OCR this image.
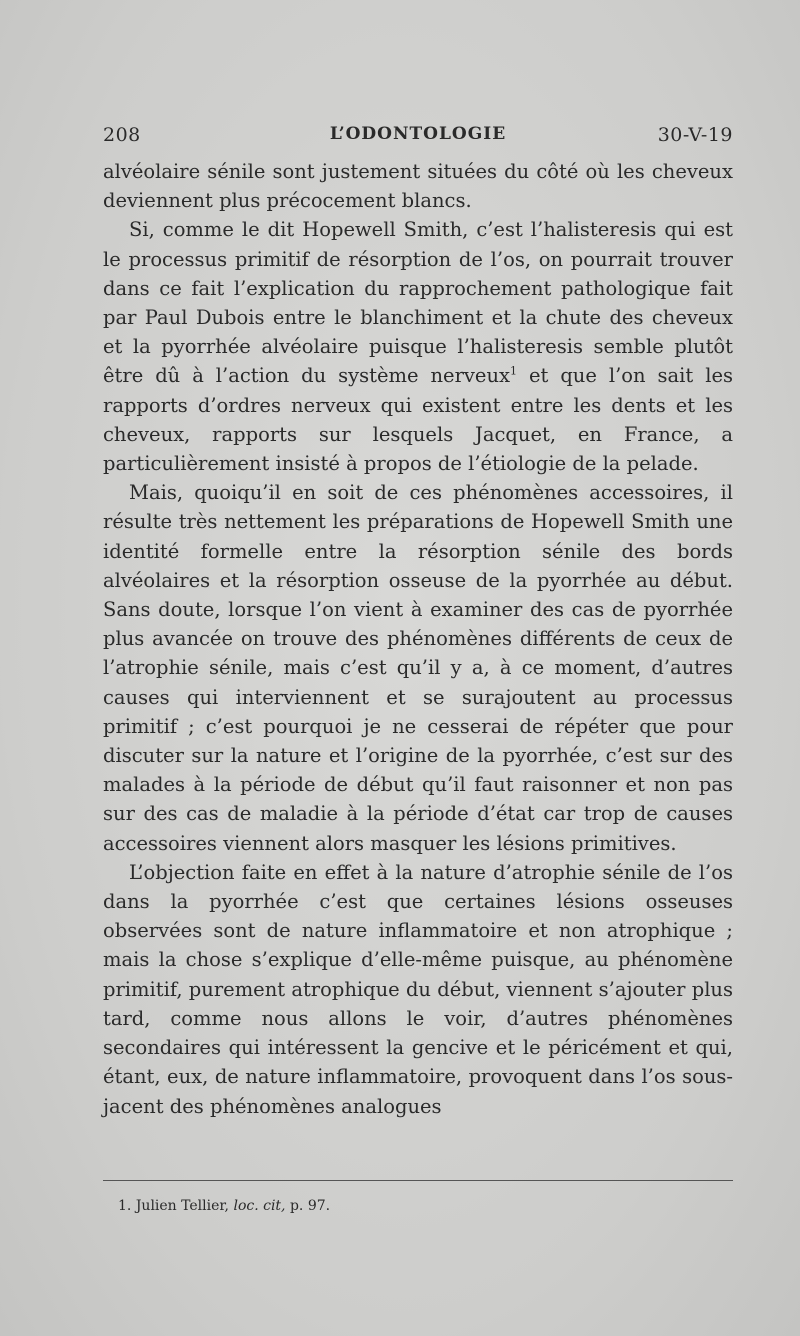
208	L’ODONTOLOGIE	30-V-19

alvéolaire sénile sont justement situées du côté où les cheveux deviennent plus précocement blancs.

Si, comme le dit Hopewell Smith, c’est l’halisteresis qui est le processus primitif de résorption de l’os, on pourrait trouver dans ce fait l’explication du rapprochement pathologique fait par Paul Dubois entre le blanchiment et la chute des cheveux et la pyorrhée alvéolaire puisque l’halisteresis semble plutôt être dû à l’action du système nerveux$^1$ et que l’on sait les rapports d’ordres nerveux qui existent entre les dents et les cheveux, rapports sur lesquels Jacquet, en France, a particulièrement insisté à propos de l’étiologie de la pelade.

Mais, quoiqu’il en soit de ces phénomènes accessoires, il résulte très nettement les préparations de Hopewell Smith une identité formelle entre la résorption sénile des bords alvéolaires et la résorption osseuse de la pyorrhée au début. Sans doute, lorsque l’on vient à examiner des cas de pyorrhée plus avancée on trouve des phénomènes différents de ceux de l’atrophie sénile, mais c’est qu’il y a, à ce moment, d’autres causes qui interviennent et se surajoutent au processus primitif ; c’est pourquoi je ne cesserai de répéter que pour discuter sur la nature et l’origine de la pyorrhée, c’est sur des malades à la période de début qu’il faut raisonner et non pas sur des cas de maladie à la période d’état car trop de causes accessoires viennent alors masquer les lésions primitives.

L’objection faite en effet à la nature d’atrophie sénile de l’os dans la pyorrhée c’est que certaines lésions osseuses observées sont de nature inflammatoire et non atrophique ; mais la chose s’explique d’elle-même puisque, au phénomène primitif, purement atrophique du début, viennent s’ajouter plus tard, comme nous allons le voir, d’autres phénomènes secondaires qui intéressent la gencive et le péricément et qui, étant, eux, de nature inflammatoire, provoquent dans l’os sous-jacent des phénomènes analogues

1. Julien Tellier, loc. cit, p. 97.
